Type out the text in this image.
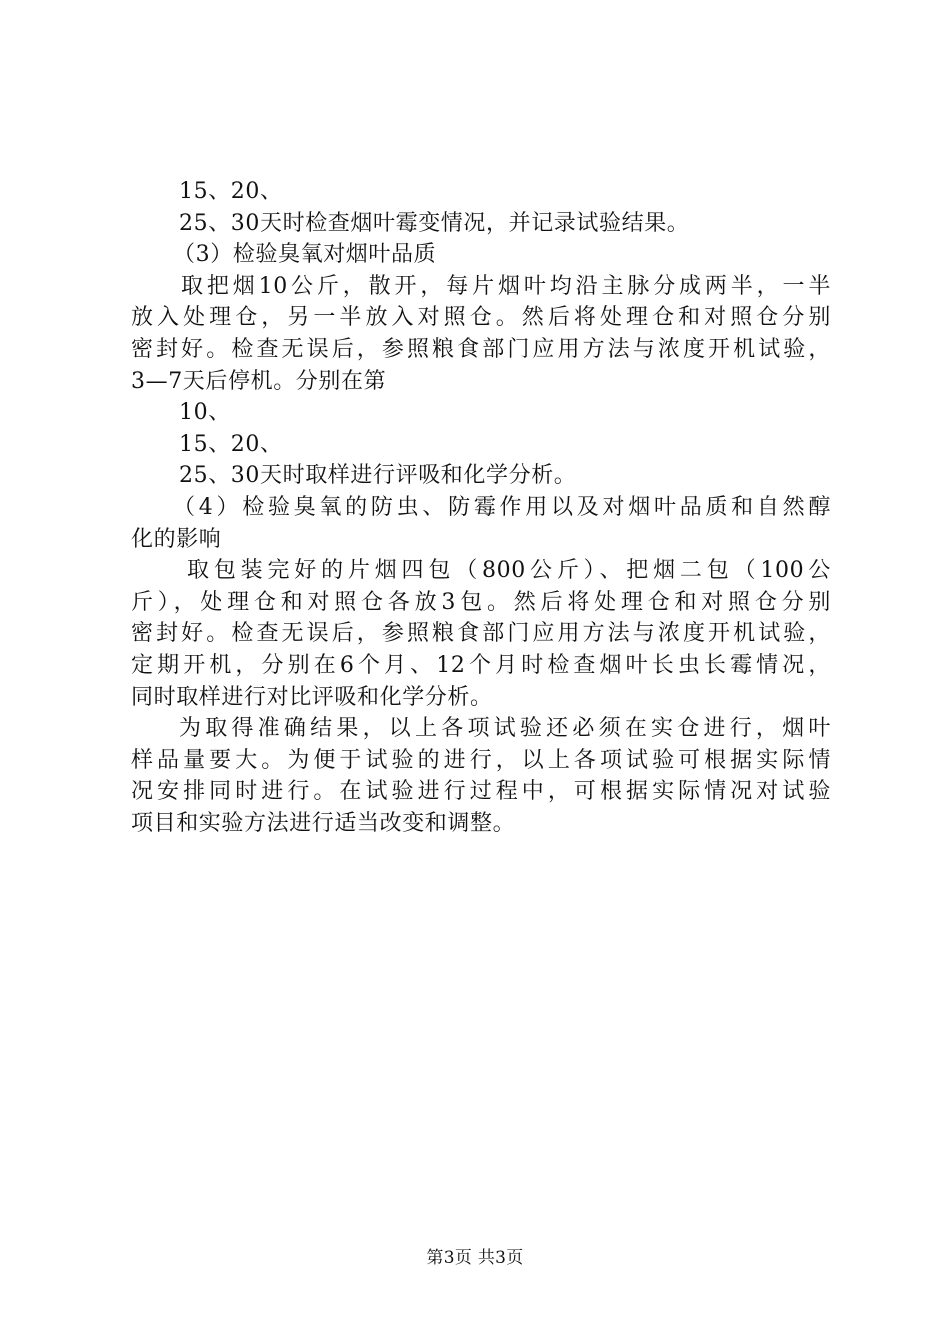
15、20、
25、30天时检查烟叶霉变情况，并记录试验结果。
（3）检验臭氧对烟叶品质
取把烟10公斤，散开，每片烟叶均沿主脉分成两半，一半
放入处理仓，另一半放入对照仓。然后将处理仓和对照仓分别
密封好。检查无误后，参照粮食部门应用方法与浓度开机试验，
3—7天后停机。分别在第
10、
15、20、
25、30天时取样进行评吸和化学分析。
（4）检验臭氧的防虫、防霉作用以及对烟叶品质和自然醇
化的影响
取包装完好的片烟四包（800公斤）、把烟二包（100公
斤），处理仓和对照仓各放3包。然后将处理仓和对照仓分别
密封好。检查无误后，参照粮食部门应用方法与浓度开机试验，
定期开机，分别在6个月、12个月时检查烟叶长虫长霉情况，
同时取样进行对比评吸和化学分析。
为取得准确结果，以上各项试验还必须在实仓进行，烟叶
样品量要大。为便于试验的进行，以上各项试验可根据实际情
况安排同时进行。在试验进行过程中，可根据实际情况对试验
项目和实验方法进行适当改变和调整。
第3页 共3页
